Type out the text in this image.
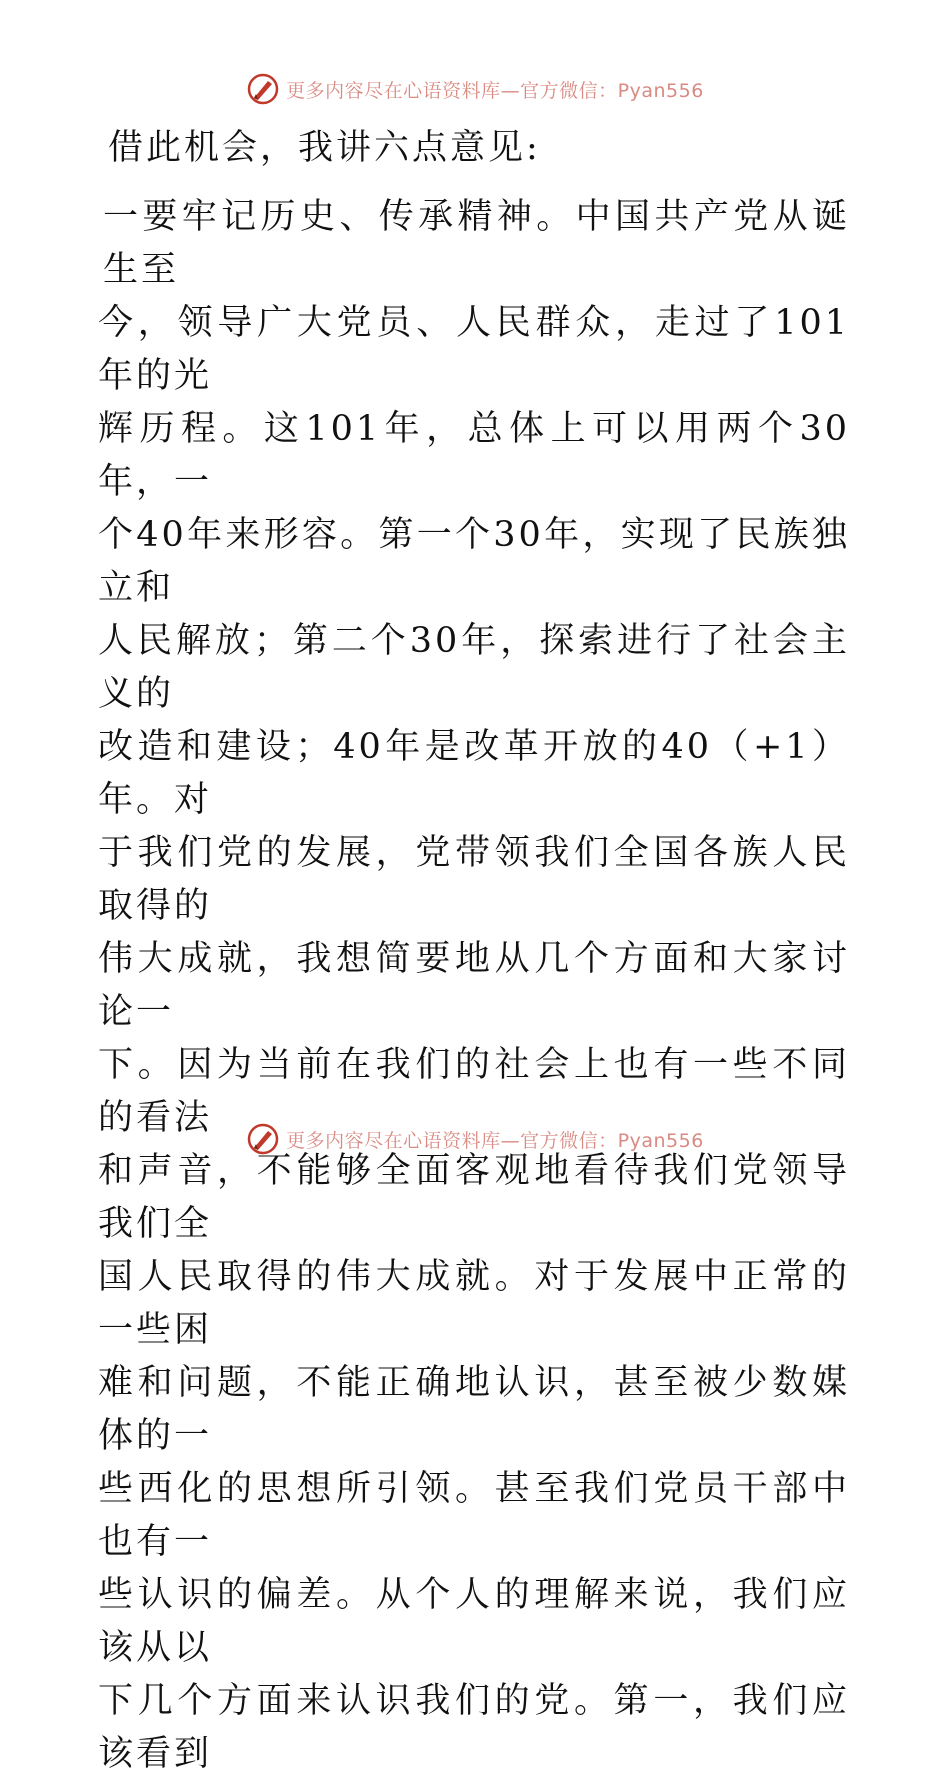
更多内容尽在心语资料库—官方微信：Pyan556

借此机会，我讲六点意见:

一要牢记历史、传承精神。中国共产党从诞生至

今，领导广大党员、人民群众，走过了101年的光

辉历程。这101年，总体上可以用两个30年，一

个40年来形容。第一个30年，实现了民族独立和

人民解放；第二个30年，探索进行了社会主义的

改造和建设；40年是改革开放的40（+1）年。对

于我们党的发展，党带领我们全国各族人民取得的

伟大成就，我想简要地从几个方面和大家讨论一

下。因为当前在我们的社会上也有一些不同的看法

和声音，不能够全面客观地看待我们党领导我们全

国人民取得的伟大成就。对于发展中正常的一些困

难和问题，不能正确地认识，甚至被少数媒体的一

些西化的思想所引领。甚至我们党员干部中也有一

些认识的偏差。从个人的理解来说，我们应该从以

下几个方面来认识我们的党。第一，我们应该看到

更多内容尽在心语资料库—官方微信：Pyan556
